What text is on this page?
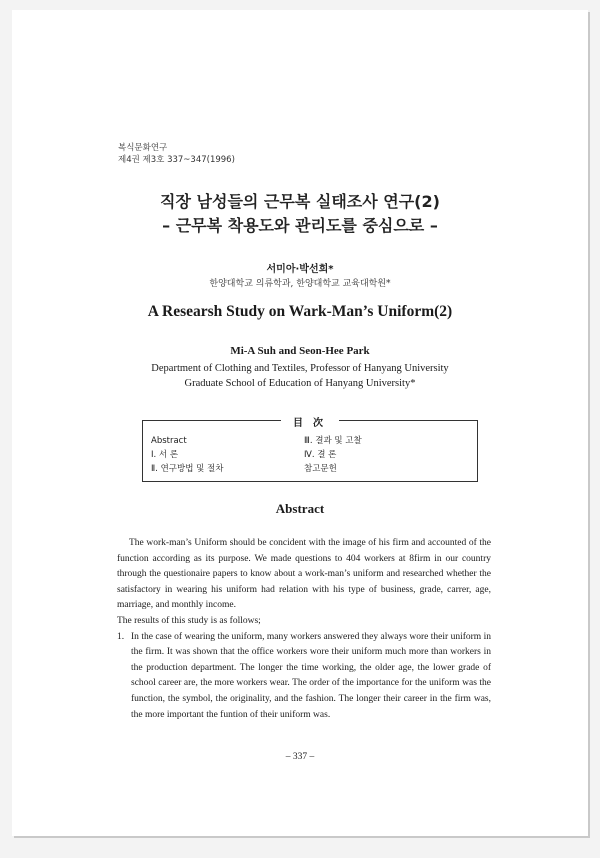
복식문화연구
제4권 제3호 337~347(1996)
직장 남성들의 근무복 실태조사 연구(2)
– 근무복 착용도와 관리도를 중심으로 –
서미아·박선희*
한양대학교 의류학과, 한양대학교 교육대학원*
A Researsh Study on Wark-Man’s Uniform(2)
Mi-A Suh and Seon-Hee Park
Department of Clothing and Textiles, Professor of Hanyang University
Graduate School of Education of Hanyang University*
目次
Abstract
Ⅰ. 서 론
Ⅱ. 연구방법 및 절차
Ⅲ. 결과 및 고찰
Ⅳ. 결 론
참고문헌
Abstract

The work-man’s Uniform should be concident with the image of his firm and accounted of the function according as its purpose. We made questions to 404 workers at 8firm in our country through the questionaire papers to know about a work-man’s uniform and researched whether the satisfactory in wearing his uniform had relation with his type of business, grade, carrer, age, marriage, and monthly income.

The results of this study is as follows;

1. In the case of wearing the uniform, many workers answered they always wore their uniform in the firm. It was shown that the office workers wore their uniform much more than workers in the production department. The longer the time working, the older age, the lower grade of school career are, the more workers wear. The order of the importance for the uniform was the function, the symbol, the originality, and the fashion. The longer their career in the firm was, the more important the funtion of their uniform was.
– 337 –
